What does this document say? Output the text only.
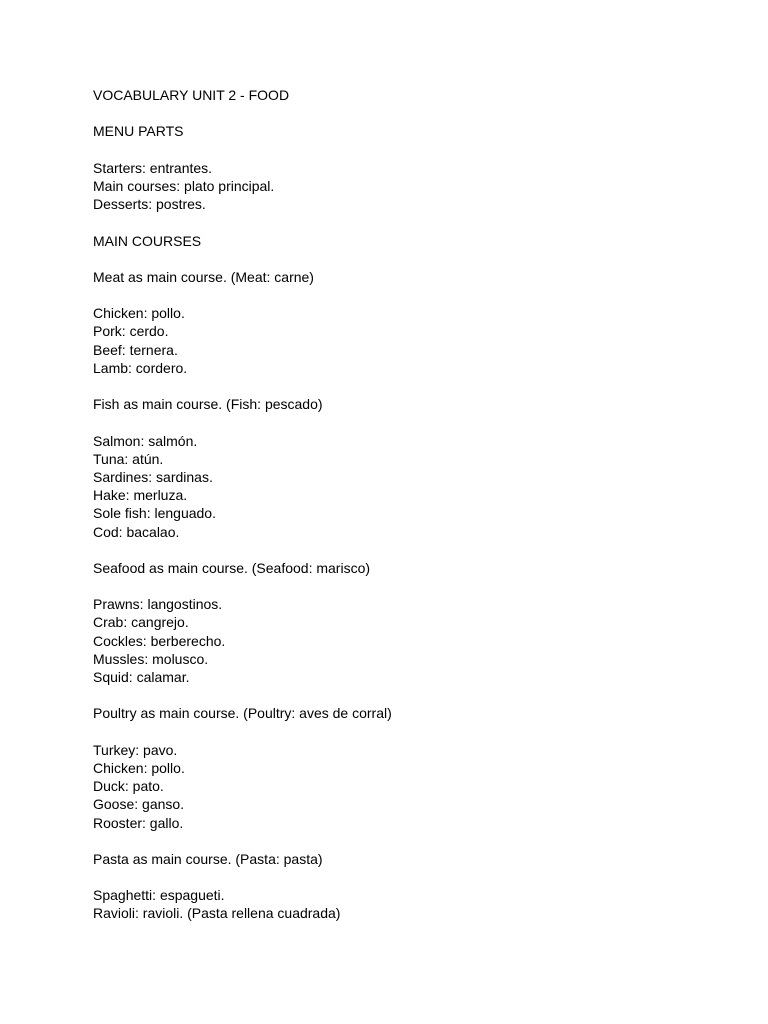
VOCABULARY UNIT 2 - FOOD
MENU PARTS
Starters: entrantes.
Main courses: plato principal.
Desserts: postres.
MAIN COURSES
Meat as main course. (Meat: carne)
Chicken: pollo.
Pork: cerdo.
Beef: ternera.
Lamb: cordero.
Fish as main course. (Fish: pescado)
Salmon: salmón.
Tuna: atún.
Sardines: sardinas.
Hake: merluza.
Sole fish: lenguado.
Cod: bacalao.
Seafood as main course. (Seafood: marisco)
Prawns: langostinos.
Crab: cangrejo.
Cockles: berberecho.
Mussles: molusco.
Squid: calamar.
Poultry as main course. (Poultry: aves de corral)
Turkey: pavo.
Chicken: pollo.
Duck: pato.
Goose: ganso.
Rooster: gallo.
Pasta as main course. (Pasta: pasta)
Spaghetti: espagueti.
Ravioli: ravioli. (Pasta rellena cuadrada)
